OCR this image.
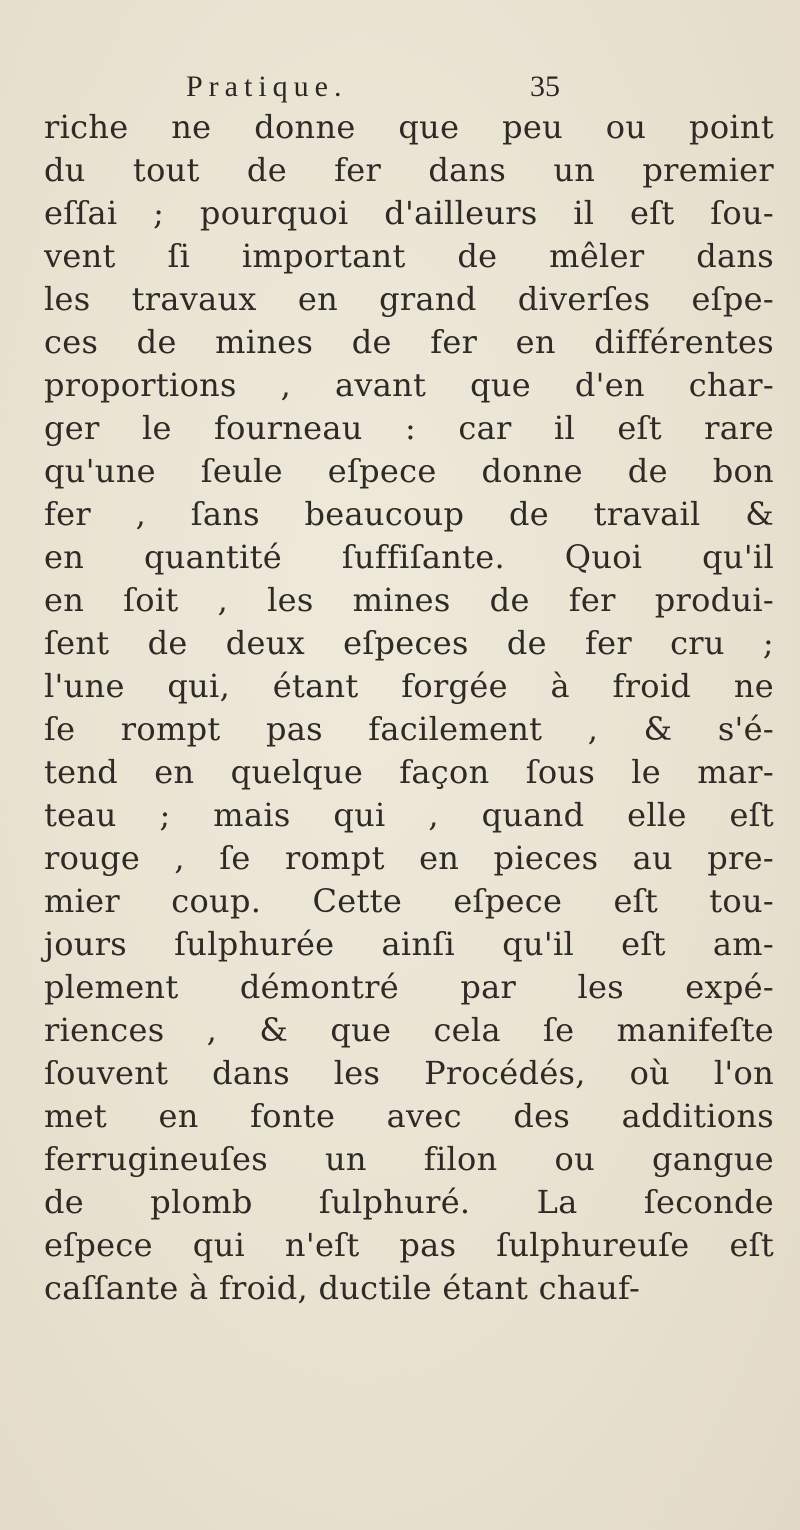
Pratique.	35
riche ne donne que peu ou point
du tout de fer dans un premier
eſſai ; pourquoi d'ailleurs il eſt ſou-
vent ſi important de mêler dans
les travaux en grand diverſes eſpe-
ces de mines de fer en différentes
proportions , avant que d'en char-
ger le fourneau : car il eſt rare
qu'une ſeule eſpece donne de bon
fer , ſans beaucoup de travail &
en quantité ſuffiſante. Quoi qu'il
en ſoit , les mines de fer produi-
ſent de deux eſpeces de fer cru ;
l'une qui, étant forgée à froid ne
ſe rompt pas facilement , & s'é-
tend en quelque façon ſous le mar-
teau ; mais qui , quand elle eſt
rouge , ſe rompt en pieces au pre-
mier coup. Cette eſpece eſt tou-
jours ſulphurée ainſi qu'il eſt am-
plement démontré par les expé-
riences , & que cela ſe manifeſte
ſouvent dans les Procédés, où l'on
met en fonte avec des additions
ferrugineuſes un filon ou gangue
de plomb ſulphuré. La ſeconde
eſpece qui n'eſt pas ſulphureuſe eſt
caſſante à froid, ductile étant chauf-
